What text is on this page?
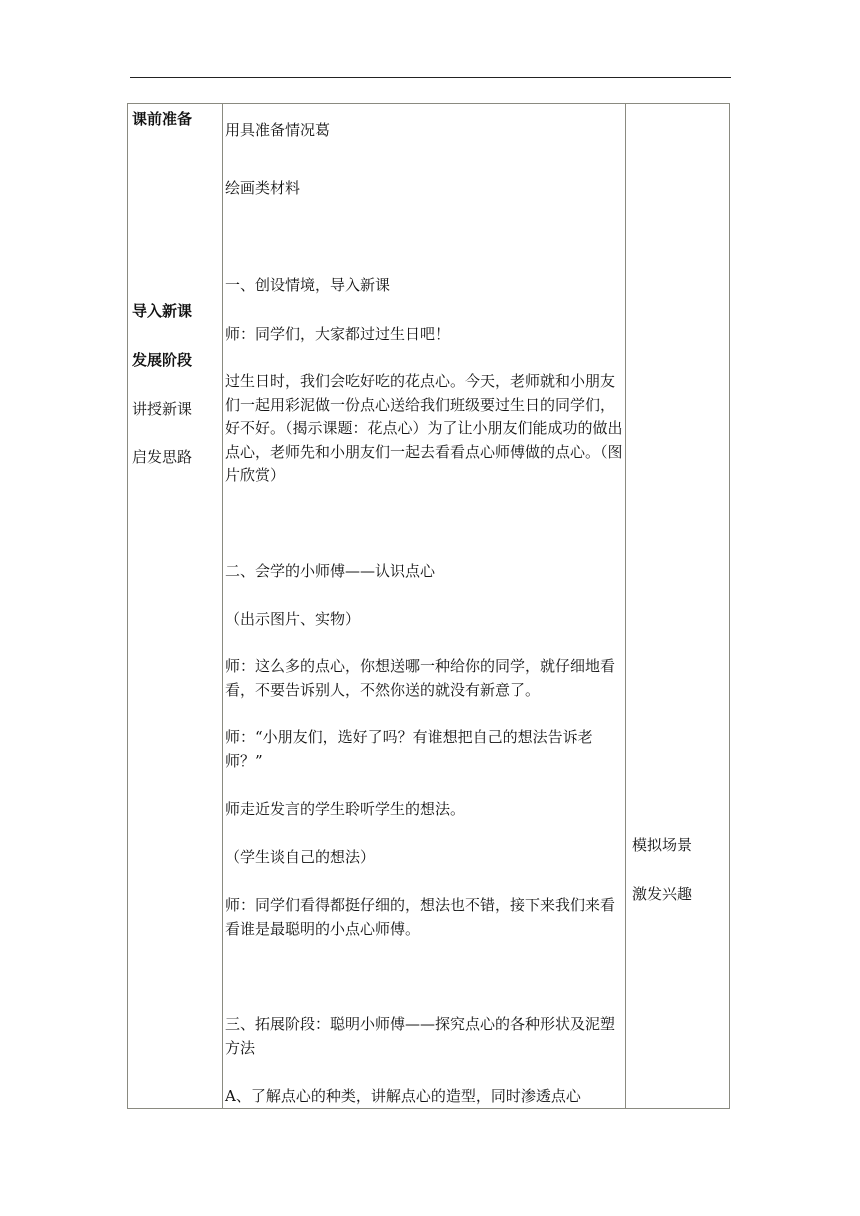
课前准备
导入新课
发展阶段
讲授新课
启发思路
用具准备情况葛
绘画类材料
一、创设情境，导入新课
师：同学们，大家都过过生日吧！
过生日时，我们会吃好吃的花点心。今天，老师就和小朋友们一起用彩泥做一份点心送给我们班级要过生日的同学们，好不好。（揭示课题：花点心）为了让小朋友们能成功的做出点心，老师先和小朋友们一起去看看点心师傅做的点心。（图片欣赏）
二、会学的小师傅——认识点心
（出示图片、实物）
师：这么多的点心，你想送哪一种给你的同学，就仔细地看看，不要告诉别人，不然你送的就没有新意了。
师：“小朋友们，选好了吗？有谁想把自己的想法告诉老师？”
师走近发言的学生聆听学生的想法。
（学生谈自己的想法）
师：同学们看得都挺仔细的，想法也不错，接下来我们来看看谁是最聪明的小点心师傅。
三、拓展阶段：聪明小师傅——探究点心的各种形状及泥塑方法
A、了解点心的种类，讲解点心的造型，同时渗透点心
模拟场景
激发兴趣
